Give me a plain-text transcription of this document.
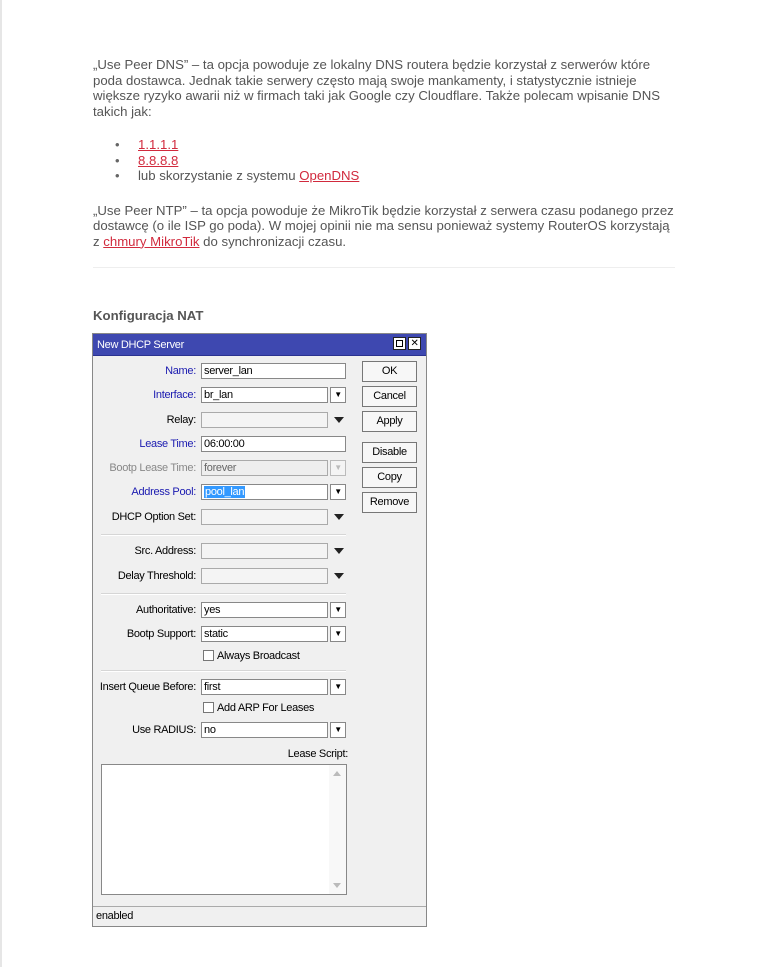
„Use Peer DNS” – ta opcja powoduje ze lokalny DNS routera będzie korzystał z serwerów które poda dostawca. Jednak takie serwery często mają swoje mankamenty, i statystycznie istnieje większe ryzyko awarii niż w firmach taki jak Google czy Cloudflare. Także polecam wpisanie DNS takich jak:

• 1.1.1.1
• 8.8.8.8
• lub skorzystanie z systemu OpenDNS

„Use Peer NTP” – ta opcja powoduje że MikroTik będzie korzystał z serwera czasu podanego przez dostawcę (o ile ISP go poda). W mojej opinii nie ma sensu ponieważ systemy RouterOS korzystają z chmury MikroTik do synchronizacji czasu.

Konfiguracja NAT
New DHCP Server	✕
Name: server_lan
Interface: br_lan	▼
Relay:
Lease Time: 06:00:00
Bootp Lease Time: forever	▼
Address Pool: pool_lan	▼
DHCP Option Set:
Src. Address:
Delay Threshold:
Authoritative: yes	▼
Bootp Support: static	▼
Always Broadcast
Insert Queue Before: first	▼
Add ARP For Leases
Use RADIUS: no	▼
Lease Script:
OK
Cancel
Apply
Disable
Copy
Remove
enabled
